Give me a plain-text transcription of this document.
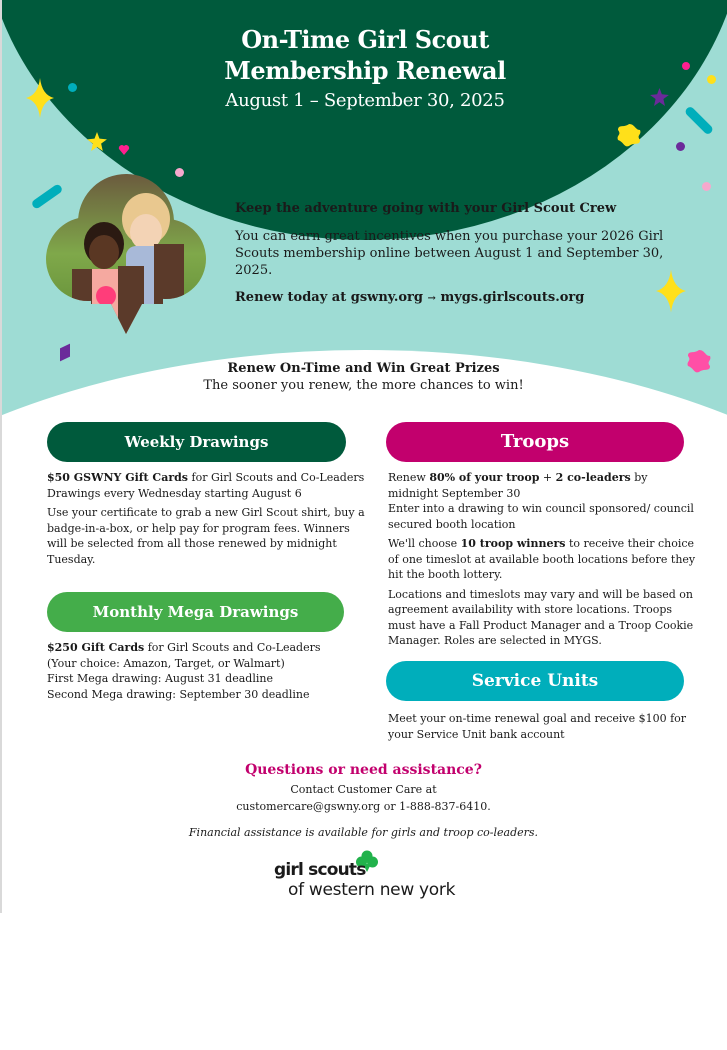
On-Time Girl Scout
Membership Renewal
August 1 – September 30, 2025
Keep the adventure going with your Girl Scout Crew
You can earn great incentives when you purchase your 2026 Girl Scouts membership online between August 1 and September 30, 2025.
Renew today at gswny.org → mygs.girlscouts.org
Renew On-Time and Win Great Prizes
The sooner you renew, the more chances to win!
Weekly Drawings
Monthly Mega Drawings
Troops
Service Units

$50 GSWNY Gift Cards for Girl Scouts and Co-Leaders

Drawings every Wednesday starting August 6

Use your certificate to grab a new Girl Scout shirt, buy a badge-in-a-box, or help pay for program fees. Winners will be selected from all those renewed by midnight Tuesday.

$250 Gift Cards for Girl Scouts and Co-Leaders

(Your choice: Amazon, Target, or Walmart)

First Mega drawing: August 31 deadline

Second Mega drawing: September 30 deadline

Renew 80% of your troop + 2 co-leaders by midnight September 30

Enter into a drawing to win council sponsored/ council secured booth location

We'll choose 10 troop winners to receive their choice of one timeslot at available booth locations before they hit the booth lottery.

Locations and timeslots may vary and will be based on agreement availability with store locations. Troops must have a Fall Product Manager and a Troop Cookie Manager. Roles are selected in MYGS.

Meet your on-time renewal goal and receive $100 for your Service Unit bank account
Questions or need assistance?
Contact Customer Care at
customercare@gswny.org or 1-888-837-6410.
Financial assistance is available for girls and troop co-leaders.
girl scouts
of western new york
